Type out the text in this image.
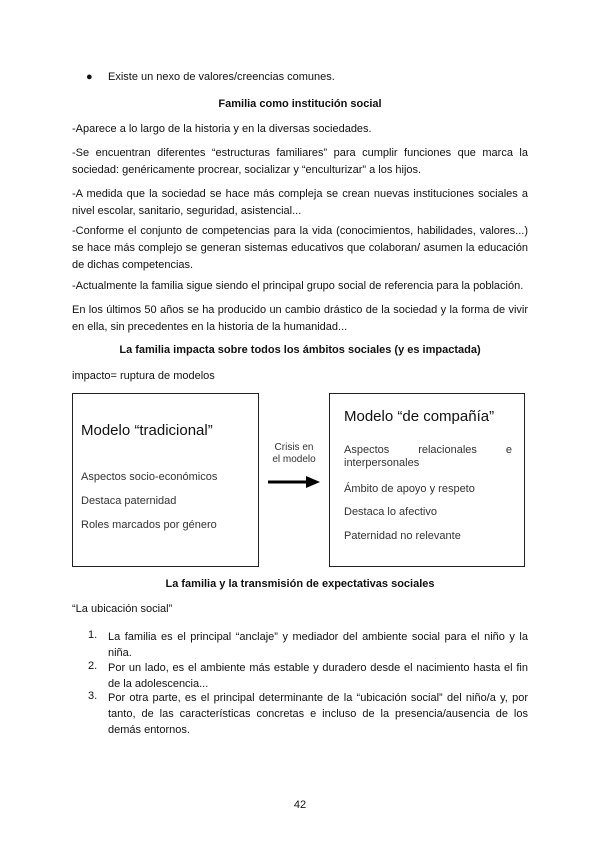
● Existe un nexo de valores/creencias comunes.
Familia como institución social
-Aparece a lo largo de la historia y en la diversas sociedades.
-Se encuentran diferentes “estructuras familiares” para cumplir funciones que marca la sociedad: genéricamente procrear, socializar y “enculturizar” a los hijos.
-A medida que la sociedad se hace más compleja se crean nuevas instituciones sociales a nivel escolar, sanitario, seguridad, asistencial...
-Conforme el conjunto de competencias para la vida (conocimientos, habilidades, valores...) se hace más complejo se generan sistemas educativos que colaboran/ asumen la educación de dichas competencias.
-Actualmente la familia sigue siendo el principal grupo social de referencia para la población.
En los últimos 50 años se ha producido un cambio drástico de la sociedad y la forma de vivir en ella, sin precedentes en la historia de la humanidad...
La familia impacta sobre todos los ámbitos sociales (y es impactada)
impacto= ruptura de modelos
Modelo “tradicional”
Aspectos socio-económicos
Destaca paternidad
Roles marcados por género
Crisis en
el modelo
Modelo “de compañía”
Aspectos relacionales e interpersonales
Ámbito de apoyo y respeto
Destaca lo afectivo
Paternidad no relevante
La familia y la transmisión de expectativas sociales
“La ubicación social”
1. La familia es el principal “anclaje” y mediador del ambiente social para el niño y la niña.
2. Por un lado, es el ambiente más estable y duradero desde el nacimiento hasta el fin de la adolescencia...
3. Por otra parte, es el principal determinante de la “ubicación social” del niño/a y, por tanto, de las características concretas e incluso de la presencia/ausencia de los demás entornos.
42
